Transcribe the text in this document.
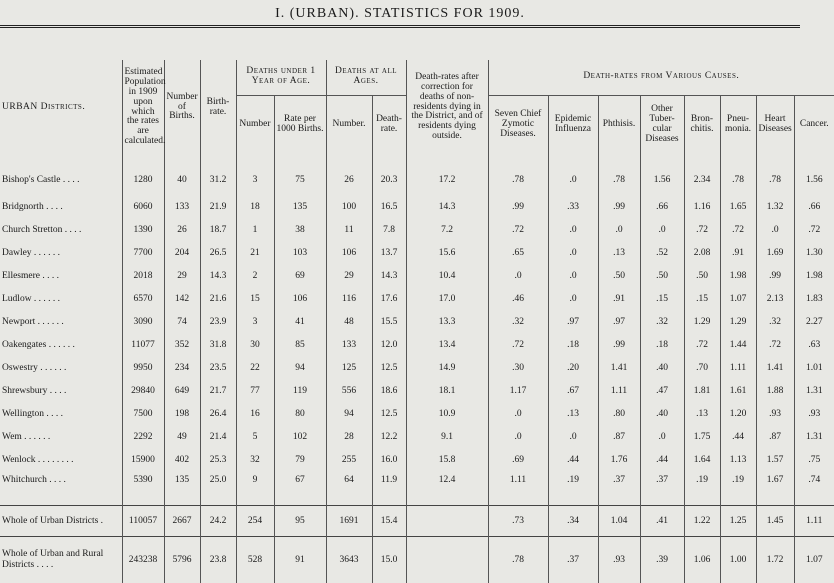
I. (URBAN). STATISTICS FOR 1909.
URBAN Districts.	Estimated Population in 1909 upon which the rates are calculated.	Number of Births.	Birth-rate.	Deaths under 1 Year of Age.		Deaths at all Ages.		Death-rates after correction for deaths of non-residents dying in the District, and of residents dying outside.	Death-rates from Various Causes.							
				Number	Rate per 1000 Births.	Number.	Death-rate.		Seven Chief Zymotic Diseases.	Epidemic Influenza	Phthisis.	Other Tuber-cular Diseases	Bron-chitis.	Pneu-monia.	Heart Diseases	Cancer.
Bishop's Castle . . . .	1280	40	31.2	3	75	26	20.3	17.2	.78	.0	.78	1.56	2.34	.78	.78	1.56
Bridgnorth . . . .	6060	133	21.9	18	135	100	16.5	14.3	.99	.33	.99	.66	1.16	1.65	1.32	.66
Church Stretton . . . .	1390	26	18.7	1	38	11	7.8	7.2	.72	.0	.0	.0	.72	.72	.0	.72
Dawley . . . . . .	7700	204	26.5	21	103	106	13.7	15.6	.65	.0	.13	.52	2.08	.91	1.69	1.30
Ellesmere . . . .	2018	29	14.3	2	69	29	14.3	10.4	.0	.0	.50	.50	.50	1.98	.99	1.98
Ludlow . . . . . .	6570	142	21.6	15	106	116	17.6	17.0	.46	.0	.91	.15	.15	1.07	2.13	1.83
Newport . . . . . .	3090	74	23.9	3	41	48	15.5	13.3	.32	.97	.97	.32	1.29	1.29	.32	2.27
Oakengates . . . . . .	11077	352	31.8	30	85	133	12.0	13.4	.72	.18	.99	.18	.72	1.44	.72	.63
Oswestry . . . . . .	9950	234	23.5	22	94	125	12.5	14.9	.30	.20	1.41	.40	.70	1.11	1.41	1.01
Shrewsbury . . . .	29840	649	21.7	77	119	556	18.6	18.1	1.17	.67	1.11	.47	1.81	1.61	1.88	1.31
Wellington . . . .	7500	198	26.4	16	80	94	12.5	10.9	.0	.13	.80	.40	.13	1.20	.93	.93
Wem . . . . . .	2292	49	21.4	5	102	28	12.2	9.1	.0	.0	.87	.0	1.75	.44	.87	1.31
Wenlock . . . . . . . .	15900	402	25.3	32	79	255	16.0	15.8	.69	.44	1.76	.44	1.64	1.13	1.57	.75
Whitchurch . . . .	5390	135	25.0	9	67	64	11.9	12.4	1.11	.19	.37	.37	.19	.19	1.67	.74
Whole of Urban Districts .	110057	2667	24.2	254	95	1691	15.4		.73	.34	1.04	.41	1.22	1.25	1.45	1.11
Whole of Urban and Rural Districts . . . .	243238	5796	23.8	528	91	3643	15.0		.78	.37	.93	.39	1.06	1.00	1.72	1.07
